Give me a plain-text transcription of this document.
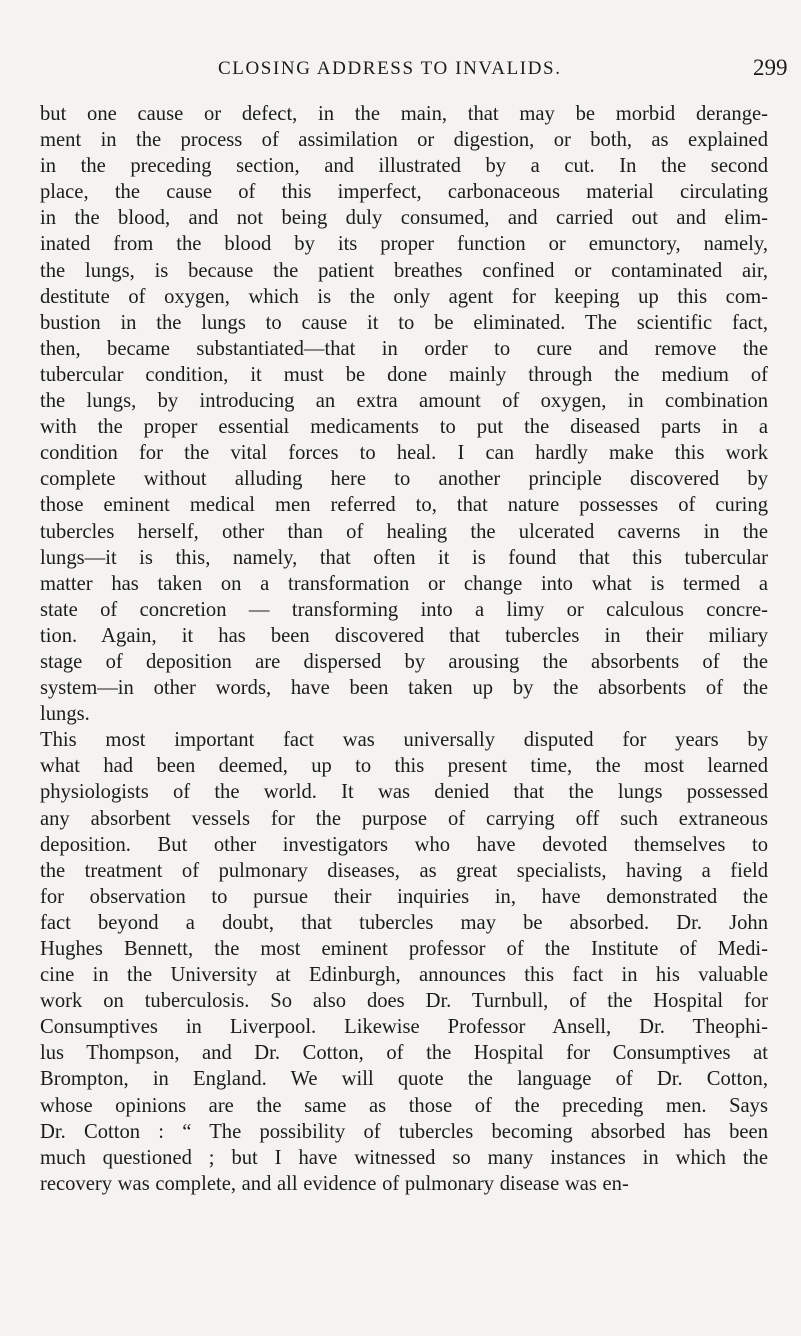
CLOSING ADDRESS TO INVALIDS.	299

but one cause or defect, in the main, that may be morbid derange-
ment in the process of assimilation or digestion, or both, as explained
in the preceding section, and illustrated by a cut. In the second
place, the cause of this imperfect, carbonaceous material circulating
in the blood, and not being duly consumed, and carried out and elim-
inated from the blood by its proper function or emunctory, namely,
the lungs, is because the patient breathes confined or contaminated air,
destitute of oxygen, which is the only agent for keeping up this com-
bustion in the lungs to cause it to be eliminated. The scientific fact,
then, became substantiated—that in order to cure and remove the
tubercular condition, it must be done mainly through the medium of
the lungs, by introducing an extra amount of oxygen, in combination
with the proper essential medicaments to put the diseased parts in a
condition for the vital forces to heal. I can hardly make this work
complete without alluding here to another principle discovered by
those eminent medical men referred to, that nature possesses of curing
tubercles herself, other than of healing the ulcerated caverns in the
lungs—it is this, namely, that often it is found that this tubercular
matter has taken on a transformation or change into what is termed a
state of concretion — transforming into a limy or calculous concre-
tion. Again, it has been discovered that tubercles in their miliary
stage of deposition are dispersed by arousing the absorbents of the
system—in other words, have been taken up by the absorbents of the
lungs.

This most important fact was universally disputed for years by
what had been deemed, up to this present time, the most learned
physiologists of the world. It was denied that the lungs possessed
any absorbent vessels for the purpose of carrying off such extraneous
deposition. But other investigators who have devoted themselves to
the treatment of pulmonary diseases, as great specialists, having a field
for observation to pursue their inquiries in, have demonstrated the
fact beyond a doubt, that tubercles may be absorbed. Dr. John
Hughes Bennett, the most eminent professor of the Institute of Medi-
cine in the University at Edinburgh, announces this fact in his valuable
work on tuberculosis. So also does Dr. Turnbull, of the Hospital for
Consumptives in Liverpool. Likewise Professor Ansell, Dr. Theophi-
lus Thompson, and Dr. Cotton, of the Hospital for Consumptives at
Brompton, in England. We will quote the language of Dr. Cotton,
whose opinions are the same as those of the preceding men. Says
Dr. Cotton : “ The possibility of tubercles becoming absorbed has been
much questioned ; but I have witnessed so many instances in which the
recovery was complete, and all evidence of pulmonary disease was en-
